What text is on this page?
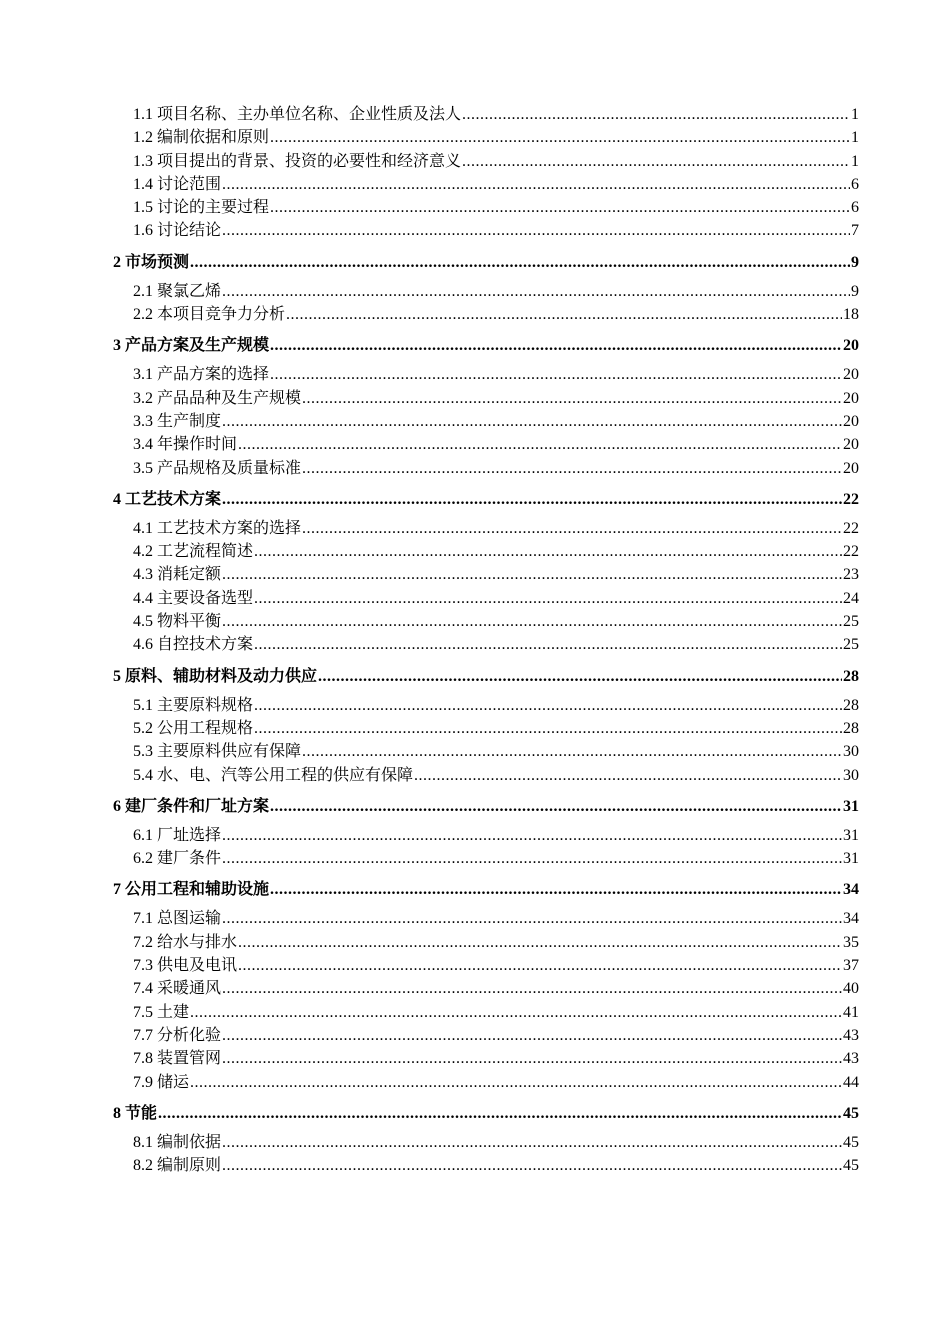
1.1 项目名称、主办单位名称、企业性质及法人 .....	1
1.2 编制依据和原则 .....	1
1.3 项目提出的背景、投资的必要性和经济意义 .....	1
1.4 讨论范围 .....	6
1.5 讨论的主要过程 .....	6
1.6 讨论结论 .....	7
2 市场预测 .....	9
2.1 聚氯乙烯 .....	9
2.2 本项目竞争力分析 .....	18
3 产品方案及生产规模 .....	20
3.1 产品方案的选择 .....	20
3.2 产品品种及生产规模 .....	20
3.3 生产制度 .....	20
3.4 年操作时间 .....	20
3.5 产品规格及质量标准 .....	20
4 工艺技术方案 .....	22
4.1 工艺技术方案的选择 .....	22
4.2 工艺流程简述 .....	22
4.3 消耗定额 .....	23
4.4 主要设备选型 .....	24
4.5 物料平衡 .....	25
4.6 自控技术方案 .....	25
5 原料、辅助材料及动力供应 .....	28
5.1 主要原料规格 .....	28
5.2 公用工程规格 .....	28
5.3 主要原料供应有保障 .....	30
5.4 水、电、汽等公用工程的供应有保障 .....	30
6 建厂条件和厂址方案 .....	31
6.1 厂址选择 .....	31
6.2 建厂条件 .....	31
7 公用工程和辅助设施 .....	34
7.1 总图运输 .....	34
7.2 给水与排水 .....	35
7.3 供电及电讯 .....	37
7.4 采暖通风 .....	40
7.5 土建 .....	41
7.7 分析化验 .....	43
7.8 装置管网 .....	43
7.9 储运 .....	44
8 节能 .....	45
8.1 编制依据 .....	45
8.2 编制原则 .....	45
